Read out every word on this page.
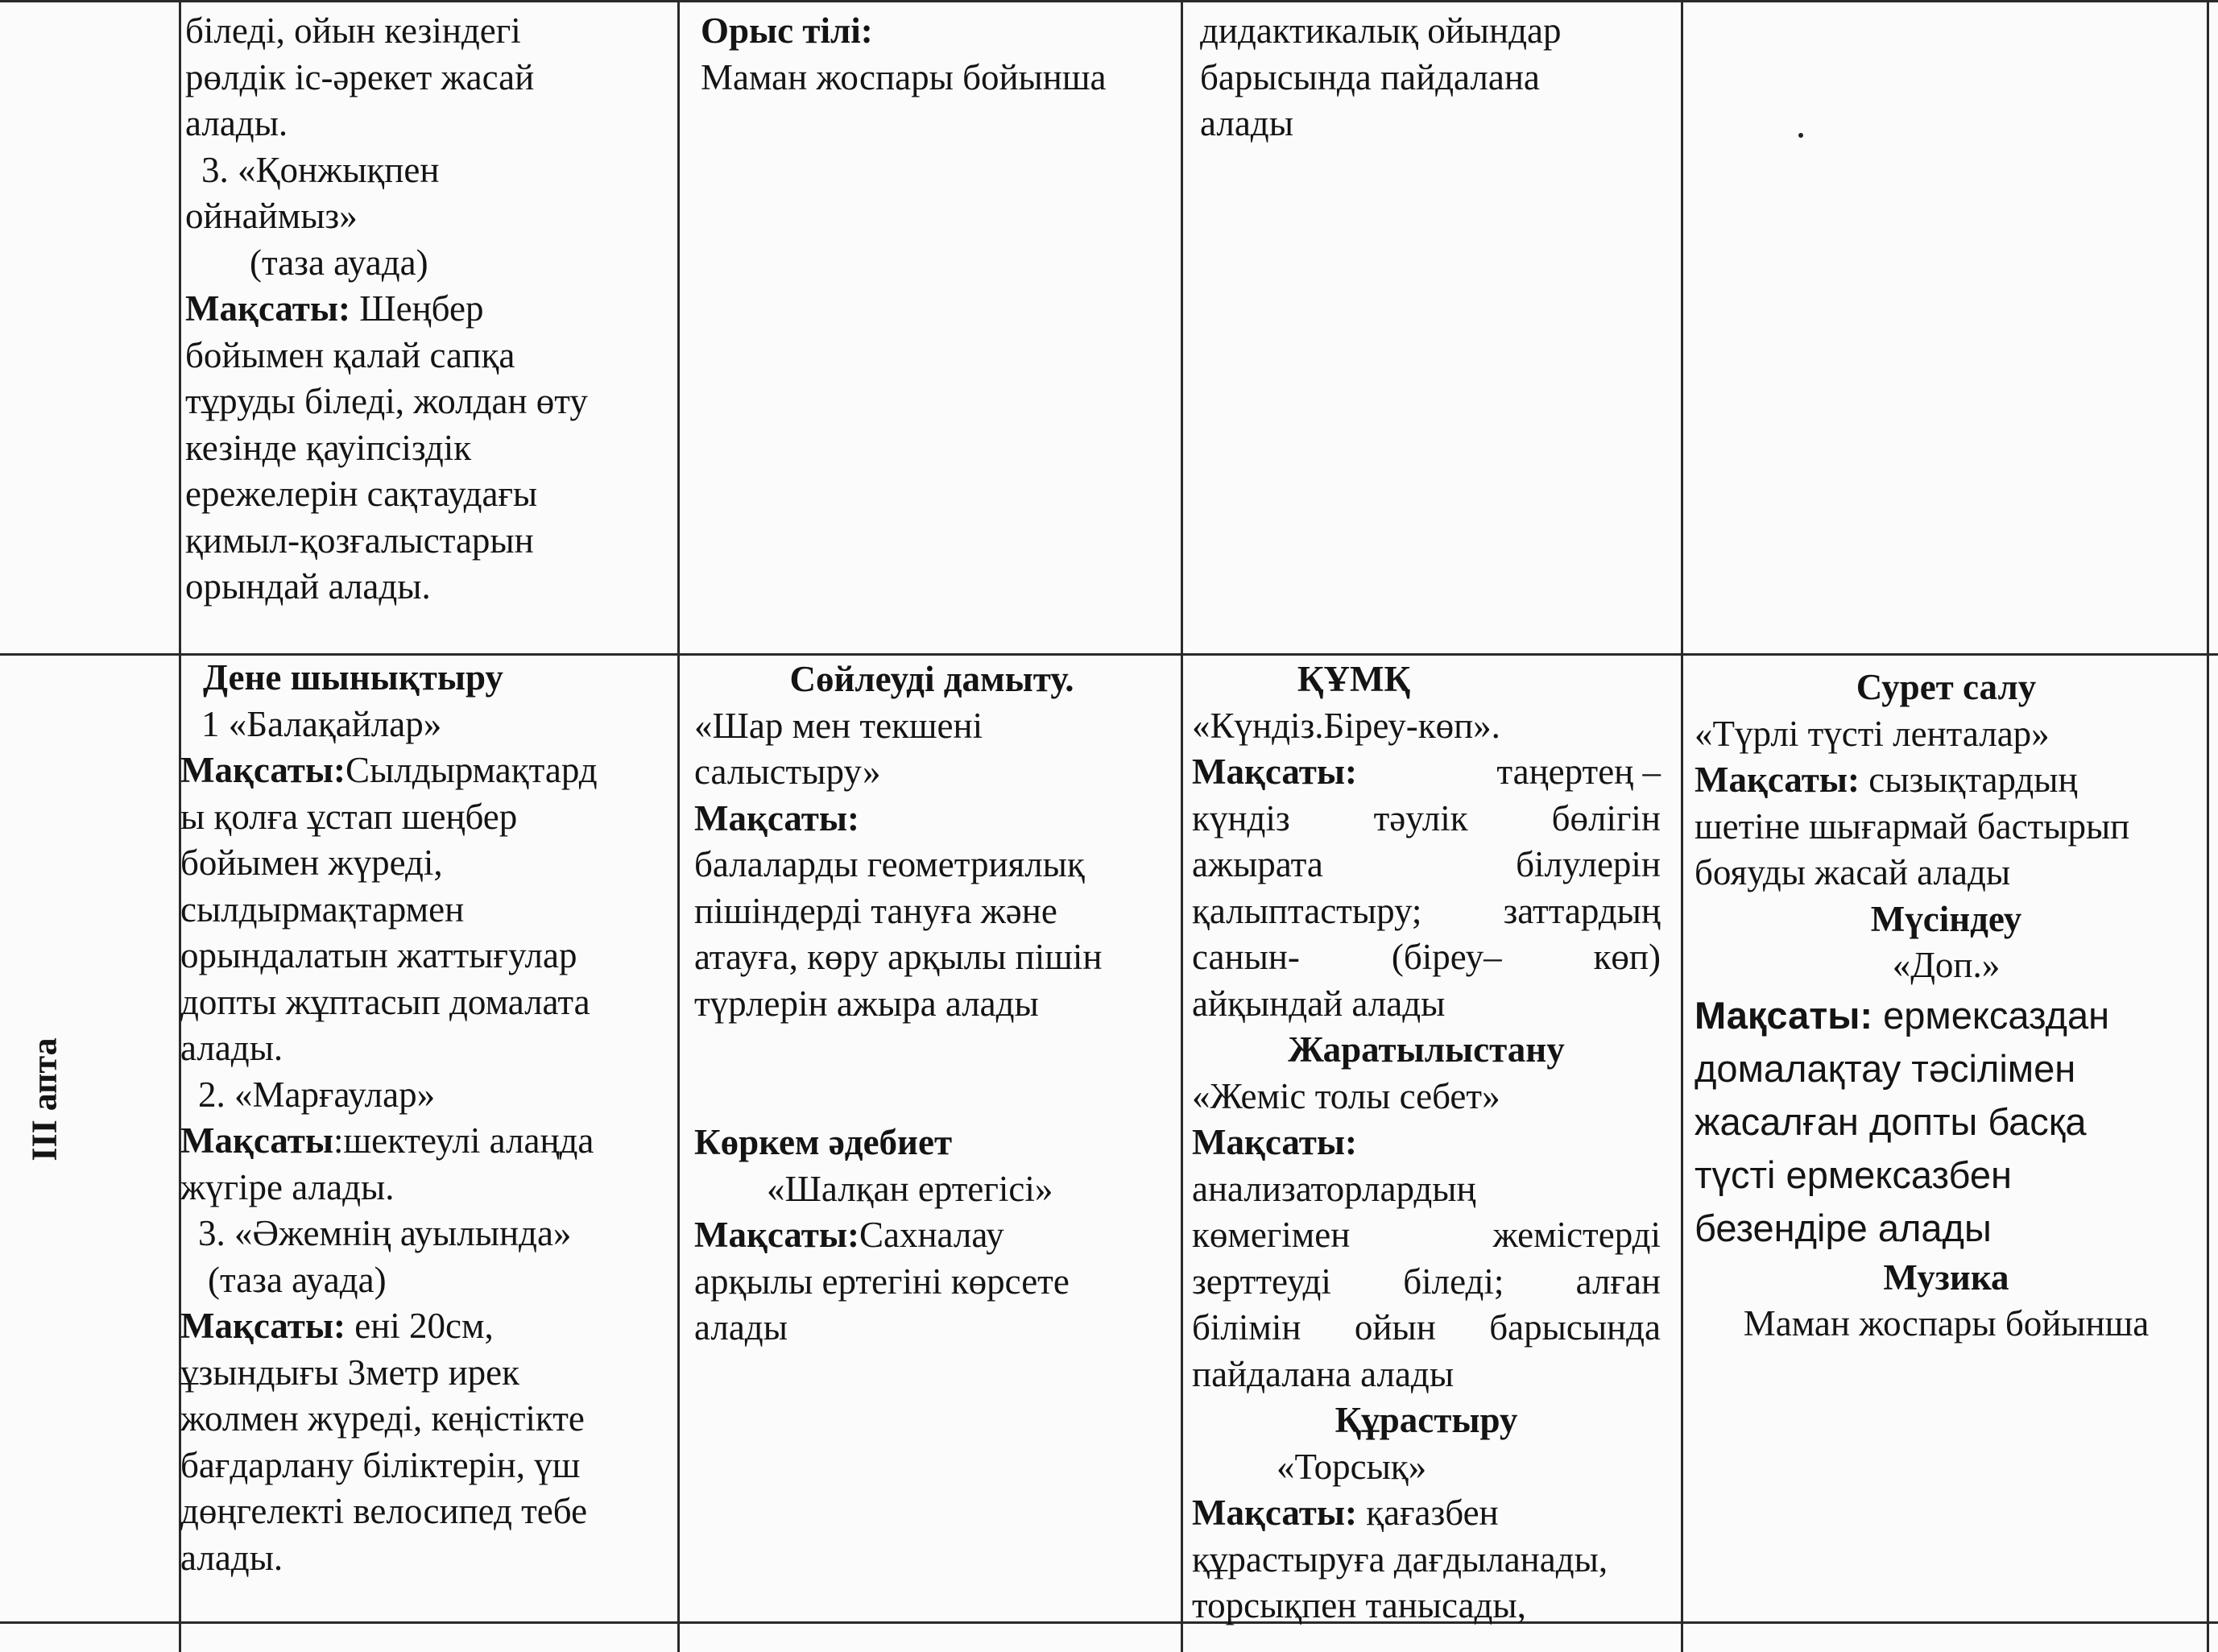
III апта

біледі, ойын кезіндегі

рөлдік іс-әрекет жасай

алады.

3. «Қонжықпен

ойнаймыз»

(таза ауада)

Мақсаты: Шеңбер

бойымен қалай сапқа

тұруды біледі, жолдан өту

кезінде қауіпсіздік

ережелерін сақтаудағы

қимыл-қозғалыстарын

орындай алады.

Орыс тілі:

Маман жоспары бойынша

дидактикалық ойындар

барысында пайдалана

алады

Дене шынықтыру

1 «Балақайлар»

Мақсаты:Сылдырмақтард

ы қолға ұстап шеңбер

бойымен жүреді,

сылдырмақтармен

орындалатын жаттығулар

допты жұптасып домалата

алады.

2. «Марғаулар»

Мақсаты:шектеулі алаңда

жүгіре алады.

3. «Әжемнің ауылында»

(таза ауада)

Мақсаты: ені 20см,

ұзындығы 3метр ирек

жолмен жүреді, кеңістікте

бағдарлану біліктерін, үш

дөңгелекті велосипед тебе

алады.

Сөйлеуді дамыту.

«Шар мен текшені

салыстыру»

Мақсаты:

балаларды геометриялық

пішіндерді тануға және

атауға, көру арқылы пішін

түрлерін ажыра алады

Көркем әдебиет

«Шалқан ертегісі»

Мақсаты:Сахналау

арқылы ертегіні көрсете

алады

ҚҰМҚ

«Күндіз.Біреу-көп».

Мақсаты:	таңертең –

күндіз тәулік бөлігін

ажырата білулерін

қалыптастыру; заттардың

санын- (біреу– көп)

айқындай алады

Жаратылыстану

«Жеміс толы себет»

Мақсаты:

анализаторлардың

көмегімен жемістерді

зерттеуді біледі; алған

білімін ойын барысында

пайдалана алады

Құрастыру

«Торсық»

Мақсаты: қағазбен

құрастыруға дағдыланады,

торсықпен танысады,

Сурет салу

«Түрлі түсті ленталар»

Мақсаты: сызықтардың

шетіне шығармай бастырып

бояуды жасай алады

Мүсіндеу

«Доп.»

Мақсаты: ермексаздан

домалақтау тәсілімен

жасалған допты басқа

түсті ермексазбен

безендіре алады

Музика

Маман жоспары бойынша
